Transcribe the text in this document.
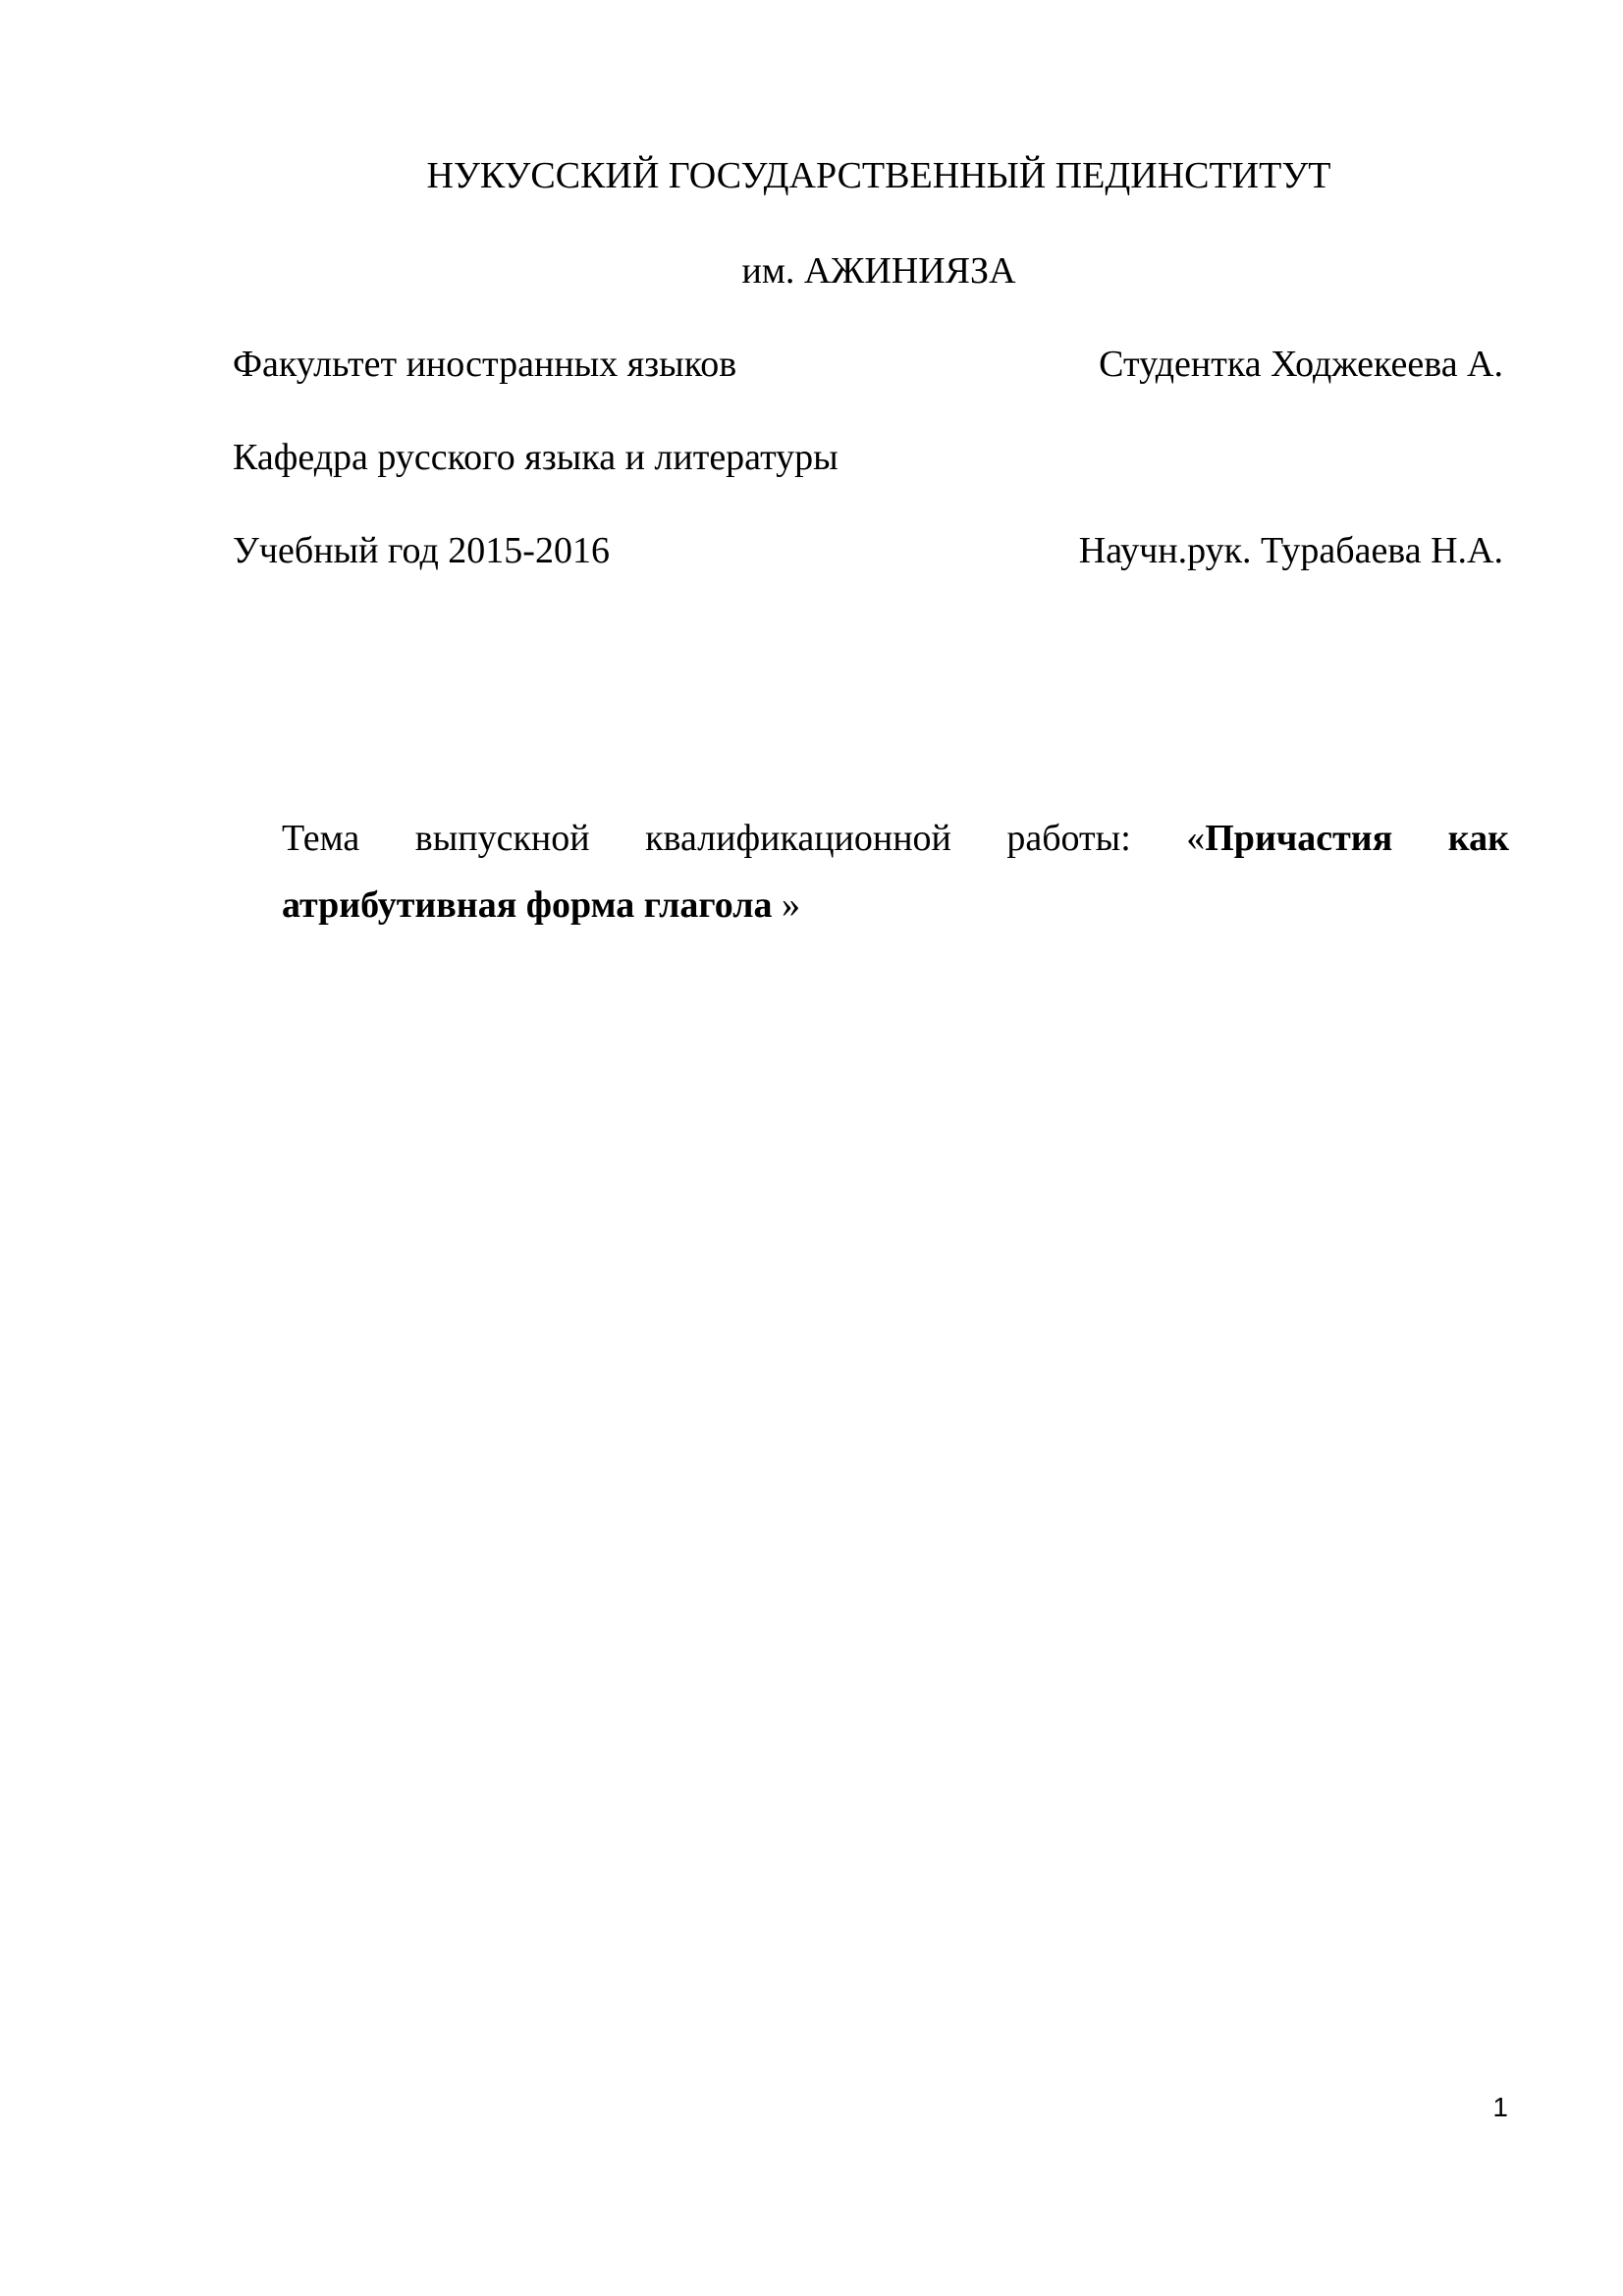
НУКУССКИЙ ГОСУДАРСТВЕННЫЙ ПЕДИНСТИТУТ
им. АЖИНИЯЗА
Факультет иностранных языков	Студентка Ходжекеева А.
Кафедра русского языка и литературы
Учебный год 2015-2016	Научн.рук. Турабаева Н.А.
Тема выпускной квалификационной работы: «Причастия как
атрибутивная форма глагола »
1
